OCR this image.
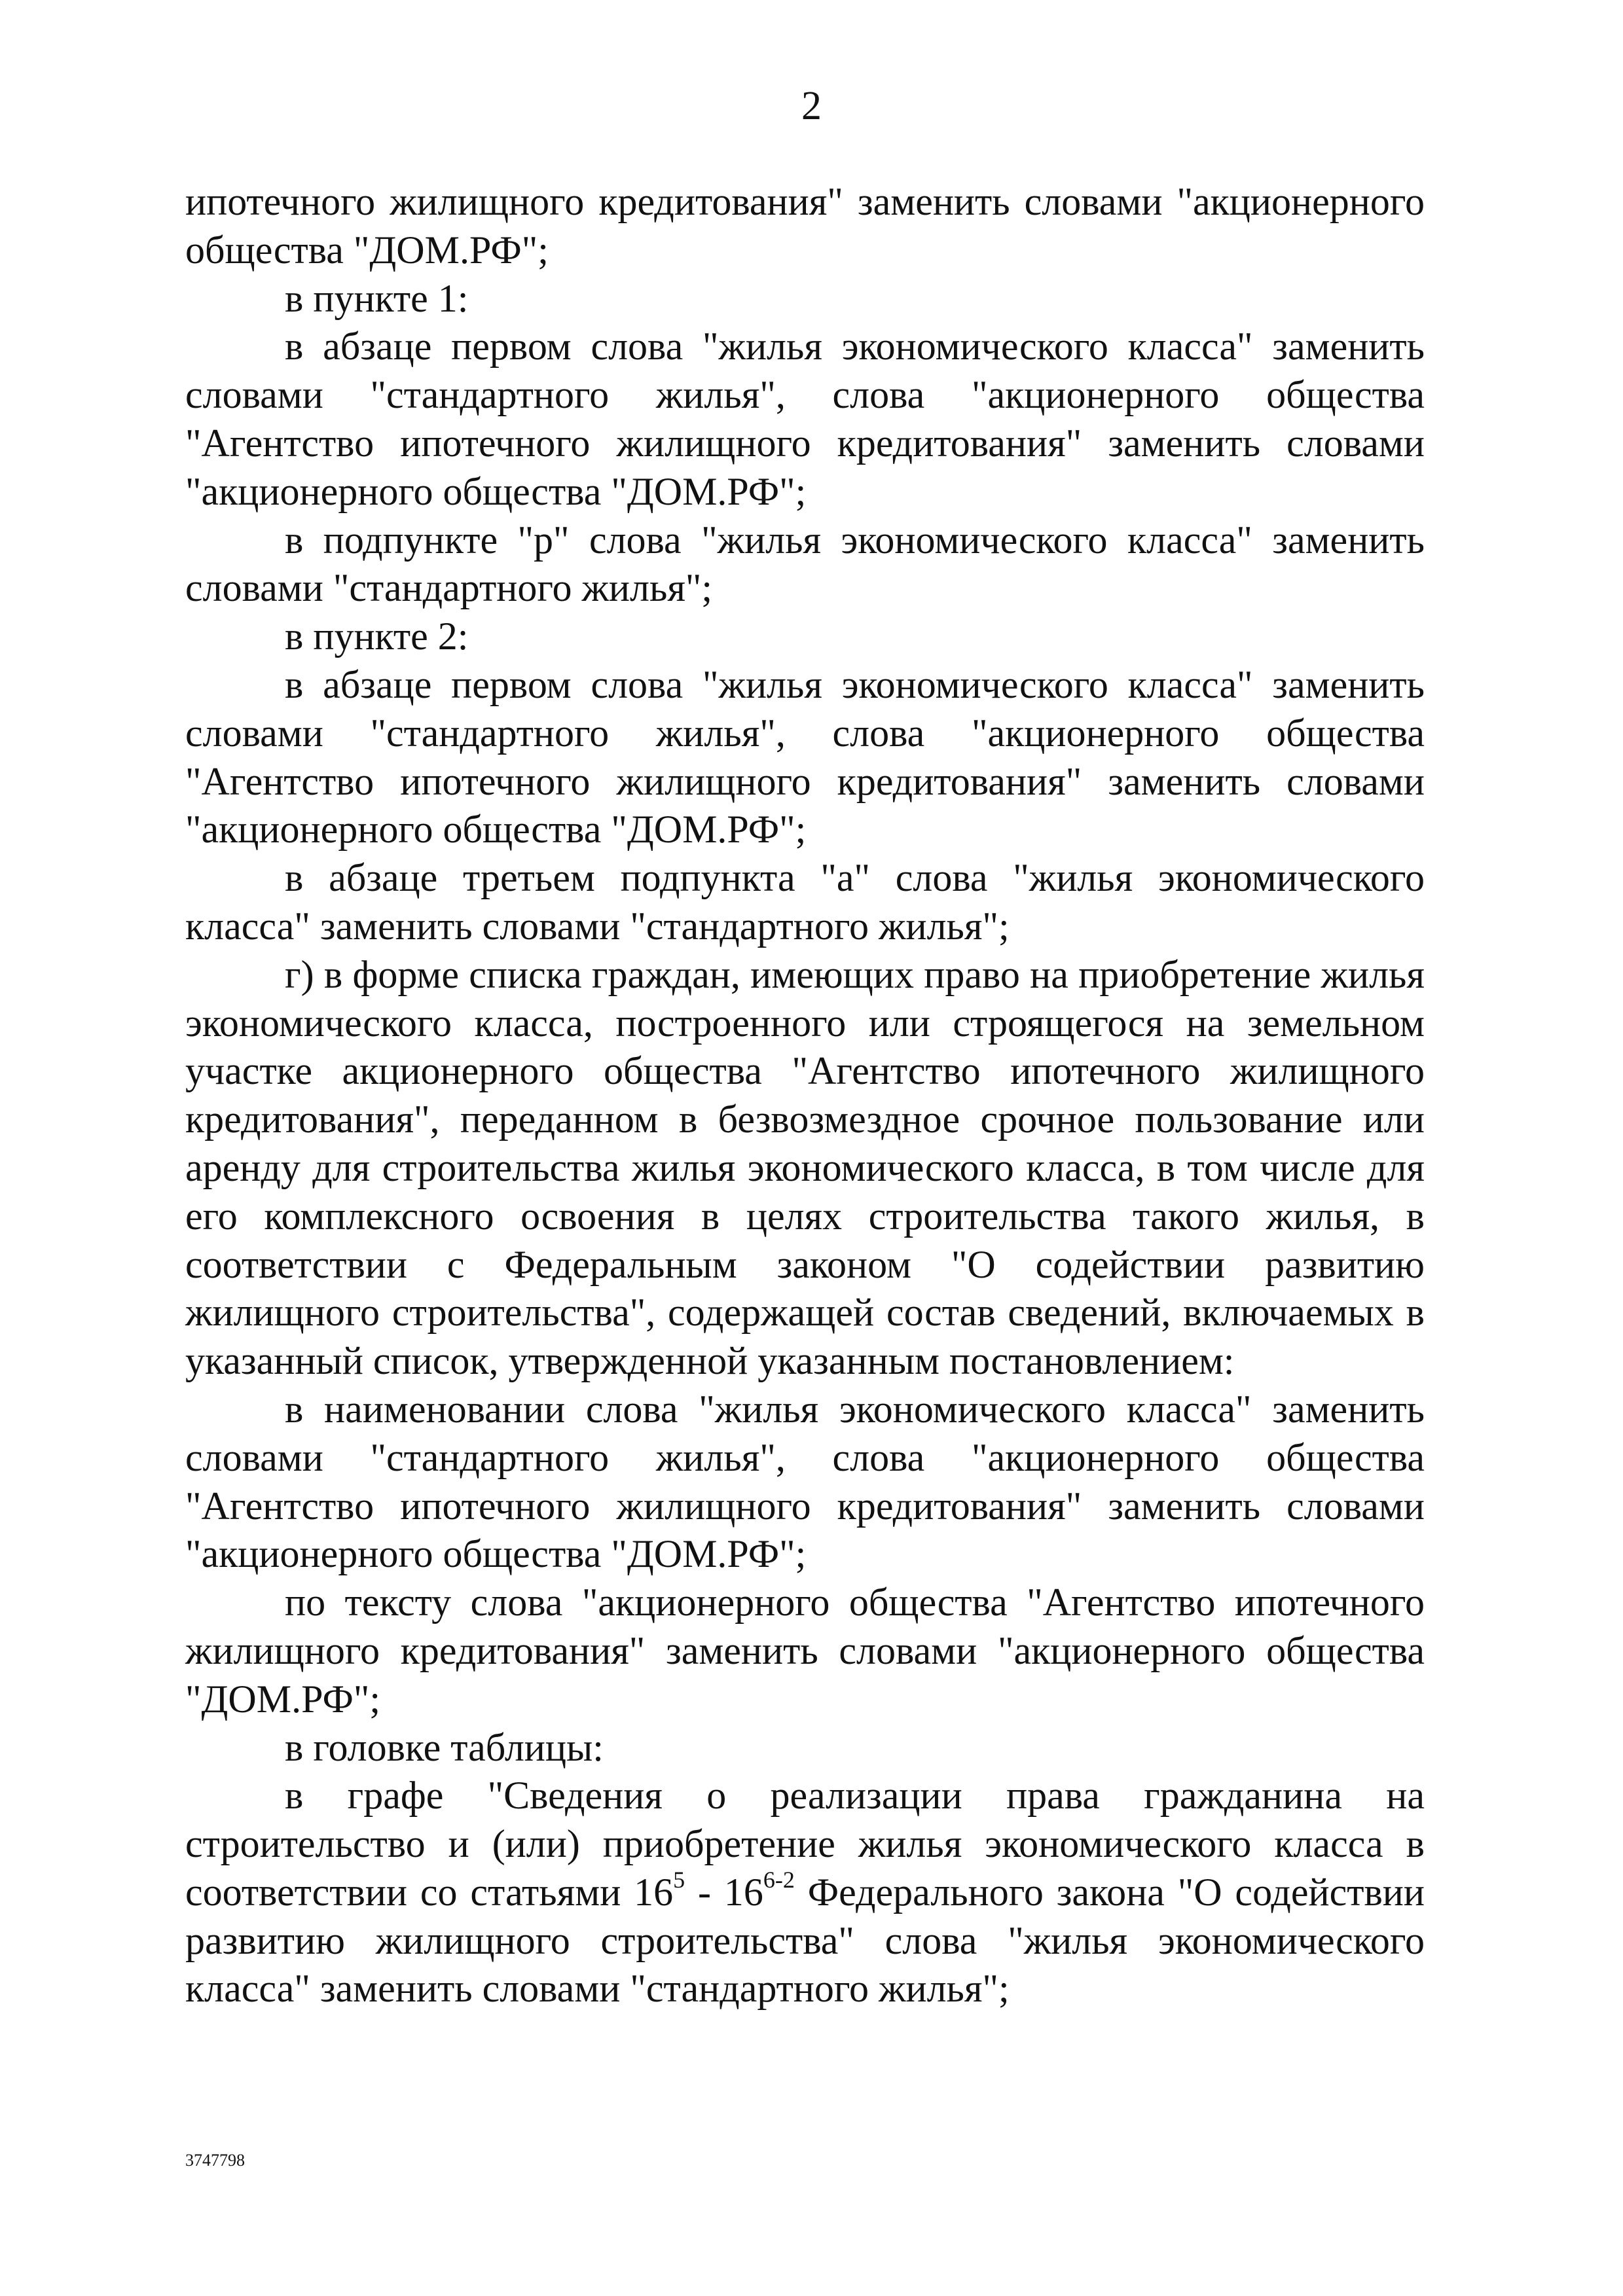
2

ипотечного жилищного кредитования" заменить словами "акционерного общества "ДОМ.РФ";

в пункте 1:

в абзаце первом слова "жилья экономического класса" заменить словами "стандартного жилья", слова "акционерного общества "Агентство ипотечного жилищного кредитования" заменить словами "акционерного общества "ДОМ.РФ";

в подпункте "р" слова "жилья экономического класса" заменить словами "стандартного жилья";

в пункте 2:

в абзаце первом слова "жилья экономического класса" заменить словами "стандартного жилья", слова "акционерного общества "Агентство ипотечного жилищного кредитования" заменить словами "акционерного общества "ДОМ.РФ";

в абзаце третьем подпункта "а" слова "жилья экономического класса" заменить словами "стандартного жилья";

г) в форме списка граждан, имеющих право на приобретение жилья экономического класса, построенного или строящегося на земельном участке акционерного общества "Агентство ипотечного жилищного кредитования", переданном в безвозмездное срочное пользование или аренду для строительства жилья экономического класса, в том числе для его комплексного освоения в целях строительства такого жилья, в соответствии с Федеральным законом "О содействии развитию жилищного строительства", содержащей состав сведений, включаемых в указанный список, утвержденной указанным постановлением:

в наименовании слова "жилья экономического класса" заменить словами "стандартного жилья", слова "акционерного общества "Агентство ипотечного жилищного кредитования" заменить словами "акционерного общества "ДОМ.РФ";

по тексту слова "акционерного общества "Агентство ипотечного жилищного кредитования" заменить словами "акционерного общества "ДОМ.РФ";

в головке таблицы:

в графе "Сведения о реализации права гражданина на строительство и (или) приобретение жилья экономического класса в соответствии со статьями $16^5 - 16^{6-2}$ Федерального закона "О содействии развитию жилищного строительства" слова "жилья экономического класса" заменить словами "стандартного жилья";

3747798
